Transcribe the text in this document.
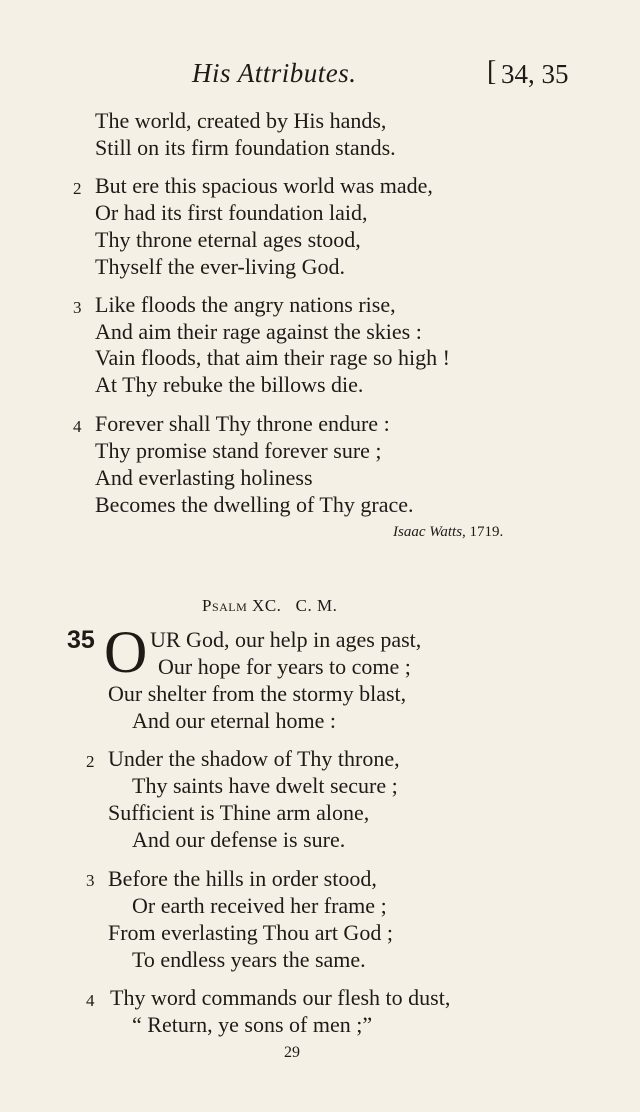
His Attributes.	[ 34, 35
The world, created by His hands,
Still on its firm foundation stands.
2 But ere this spacious world was made,
Or had its first foundation laid,
Thy throne eternal ages stood,
Thyself the ever-living God.
3 Like floods the angry nations rise,
And aim their rage against the skies :
Vain floods, that aim their rage so high !
At Thy rebuke the billows die.
4 Forever shall Thy throne endure :
Thy promise stand forever sure ;
And everlasting holiness
Becomes the dwelling of Thy grace.
Isaac Watts, 1719.
Psalm XC.   C. M.
35 O UR God, our help in ages past,
Our hope for years to come ;
Our shelter from the stormy blast,
And our eternal home :
2 Under the shadow of Thy throne,
Thy saints have dwelt secure ;
Sufficient is Thine arm alone,
And our defense is sure.
3 Before the hills in order stood,
Or earth received her frame ;
From everlasting Thou art God ;
To endless years the same.
4 Thy word commands our flesh to dust,
“ Return, ye sons of men ;”
29
